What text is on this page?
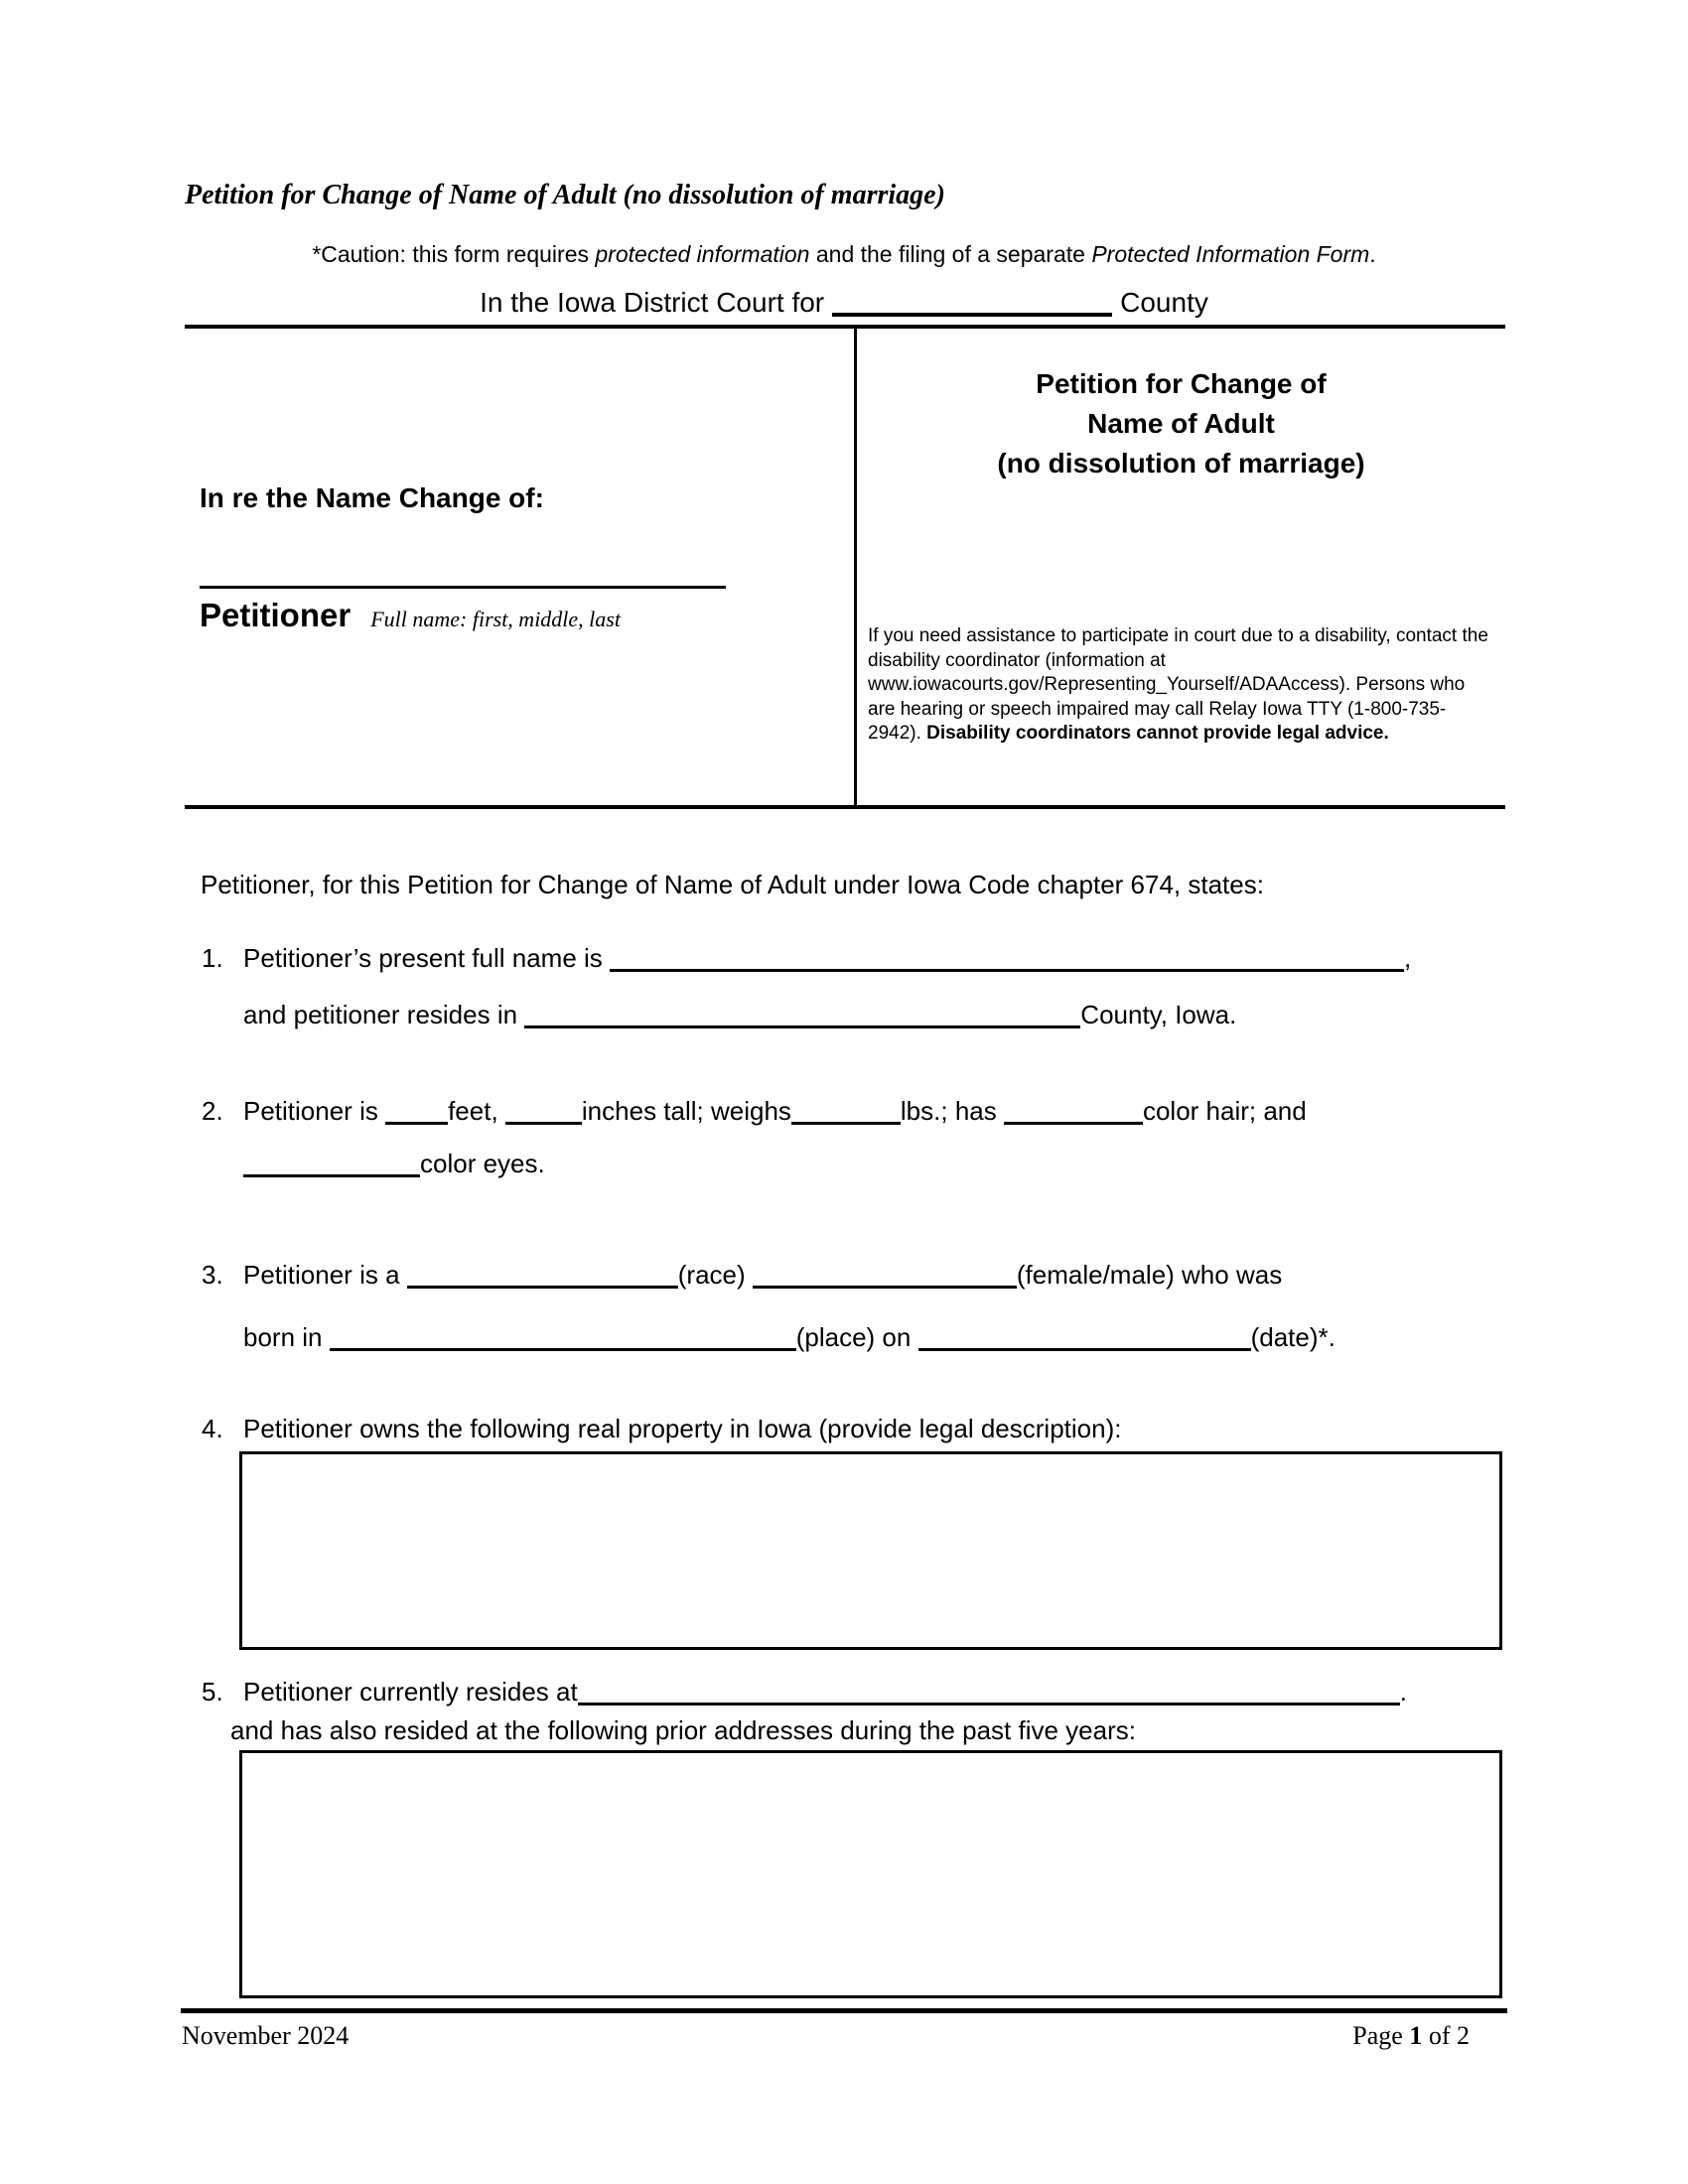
Petition for Change of Name of Adult (no dissolution of marriage)
*Caution: this form requires protected information and the filing of a separate Protected Information Form.
In the Iowa District Court for	County
In re the Name Change of:
Petitioner Full name: first, middle, last
Petition for Change of
Name of Adult
(no dissolution of marriage)
If you need assistance to participate in court due to a disability, contact the disability coordinator (information at www.iowacourts.gov/Representing_Yourself/ADAAccess). Persons who are hearing or speech impaired may call Relay Iowa TTY (1-800-735-2942). Disability coordinators cannot provide legal advice.
Petitioner, for this Petition for Change of Name of Adult under Iowa Code chapter 674, states:
1. Petitioner’s present full name is	,
and petitioner resides in	County, Iowa.
2. Petitioner is feet,	inches tall; weighs	lbs.; has	color hair; and
color eyes.
3. Petitioner is a	(race)	(female/male) who was
born in	(place) on	(date)*.
4. Petitioner owns the following real property in Iowa (provide legal description):
5. Petitioner currently resides at	.
and has also resided at the following prior addresses during the past five years:
November 2024	Page 1 of 2
